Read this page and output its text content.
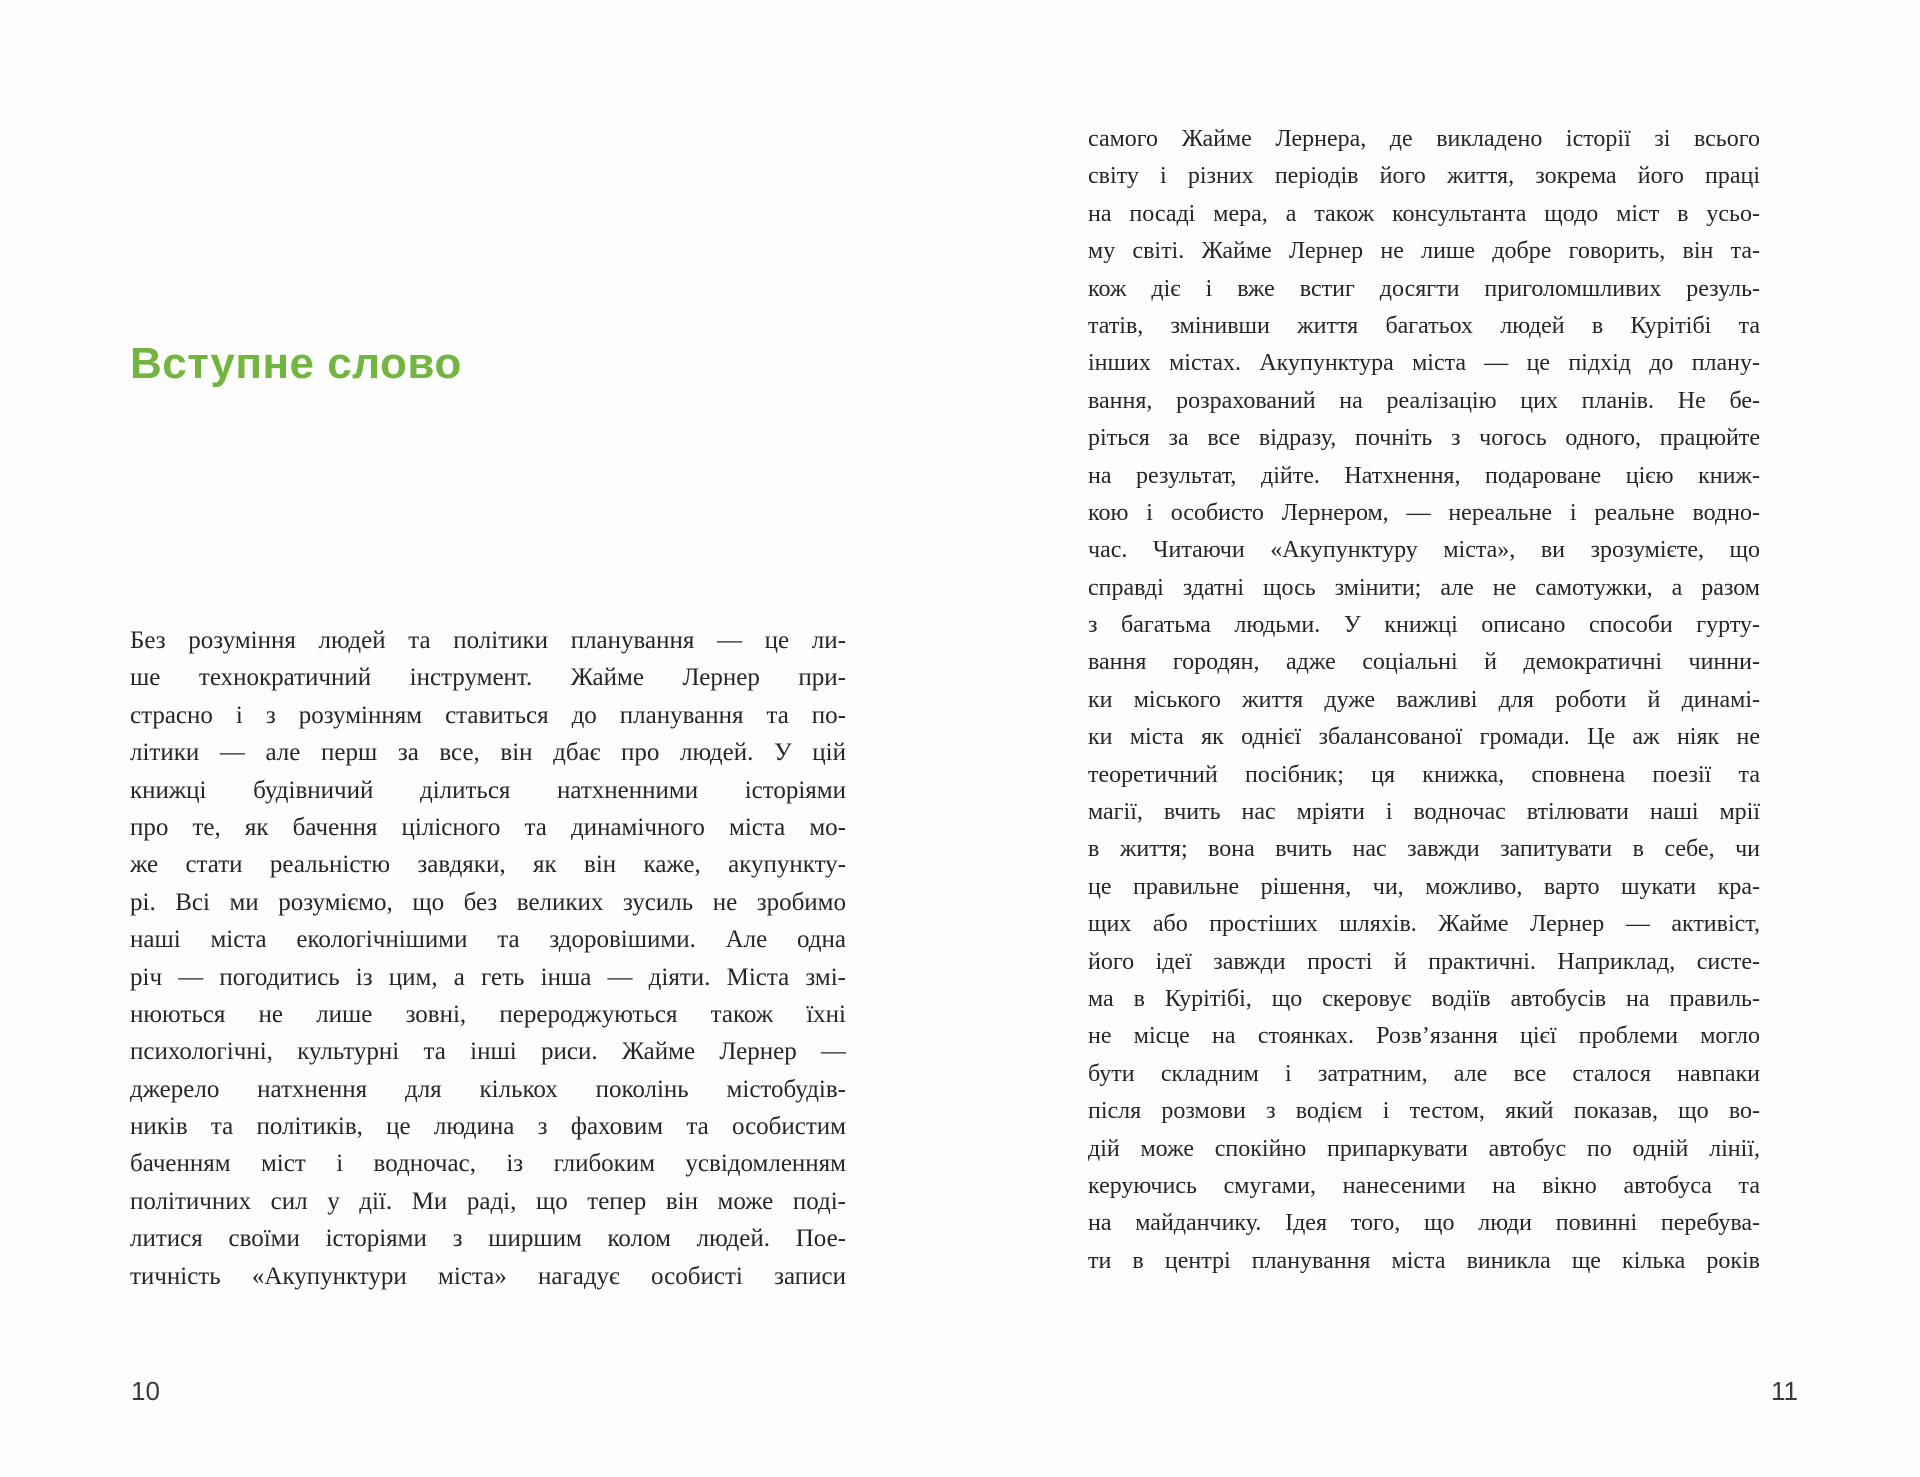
Вступне слово
Без розуміння людей та політики планування — це ли-
ше технократичний інструмент. Жайме Лернер при-
страсно і з розумінням ставиться до планування та по-
літики — але перш за все, він дбає про людей. У цій
книжці будівничий ділиться натхненними історіями
про те, як бачення цілісного та динамічного міста мо-
же стати реальністю завдяки, як він каже, акупункту-
рі. Всі ми розуміємо, що без великих зусиль не зробимо
наші міста екологічнішими та здоровішими. Але одна
річ — погодитись із цим, а геть інша — діяти. Міста змі-
нюються не лише зовні, перероджуються також їхні
психологічні, культурні та інші риси. Жайме Лернер —
джерело натхнення для кількох поколінь містобудів-
ників та політиків, це людина з фаховим та особистим
баченням міст і водночас, із глибоким усвідомленням
політичних сил у дії. Ми раді, що тепер він може поді-
литися своїми історіями з ширшим колом людей. Пое-
тичність «Акупунктури міста» нагадує особисті записи
10
самого Жайме Лернера, де викладено історії зі всього
світу і різних періодів його життя, зокрема його праці
на посаді мера, а також консультанта щодо міст в усьо-
му світі. Жайме Лернер не лише добре говорить, він та-
кож діє і вже встиг досягти приголомшливих резуль-
татів, змінивши життя багатьох людей в Курітібі та
інших містах. Акупунктура міста — це підхід до плану-
вання, розрахований на реалізацію цих планів. Не бе-
ріться за все відразу, почніть з чогось одного, працюйте
на результат, дійте. Натхнення, подароване цією книж-
кою і особисто Лернером, — нереальне і реальне водно-
час. Читаючи «Акупунктуру міста», ви зрозумієте, що
справді здатні щось змінити; але не самотужки, а разом
з багатьма людьми. У книжці описано способи гурту-
вання городян, адже соціальні й демократичні чинни-
ки міського життя дуже важливі для роботи й динамі-
ки міста як однієї збалансованої громади. Це аж ніяк не
теоретичний посібник; ця книжка, сповнена поезії та
магії, вчить нас мріяти і водночас втілювати наші мрії
в життя; вона вчить нас завжди запитувати в себе, чи
це правильне рішення, чи, можливо, варто шукати кра-
щих або простіших шляхів. Жайме Лернер — активіст,
його ідеї завжди прості й практичні. Наприклад, систе-
ма в Курітібі, що скеровує водіїв автобусів на правиль-
не місце на стоянках. Розв’язання цієї проблеми могло
бути складним і затратним, але все сталося навпаки
після розмови з водієм і тестом, який показав, що во-
дій може спокійно припаркувати автобус по одній лінії,
керуючись смугами, нанесеними на вікно автобуса та
на майданчику. Ідея того, що люди повинні перебува-
ти в центрі планування міста виникла ще кілька років
11
